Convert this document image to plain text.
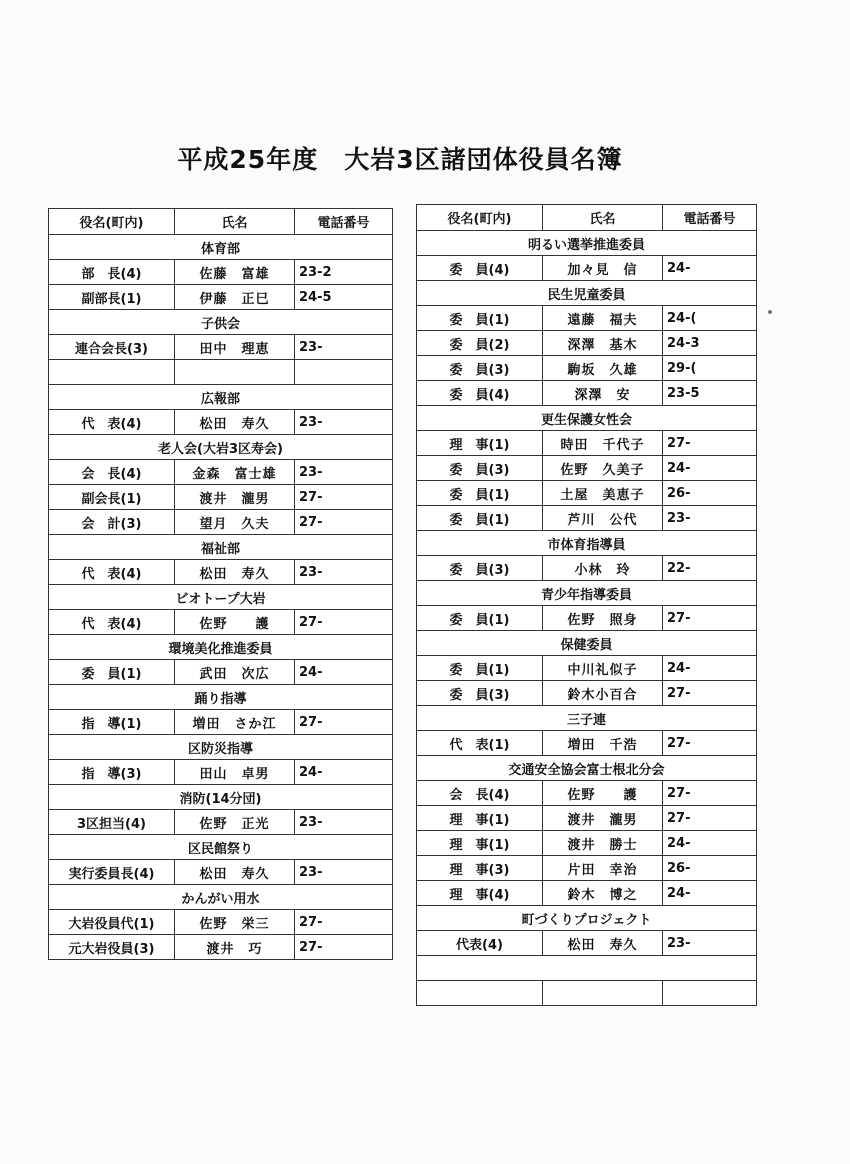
平成25年度　大岩3区諸団体役員名簿
役名(町内)	氏名	電話番号
体育部		
部　長(4)	佐藤　富雄	23-2
副部長(1)	伊藤　正巳	24-5
子供会		
連合会長(3)	田中　理恵	23-

広報部		
代　表(4)	松田　寿久	23-
老人会(大岩3区寿会)		
会　長(4)	金森　富士雄	23-
副会長(1)	渡井　瀧男	27-
会　計(3)	望月　久夫	27-
福祉部		
代　表(4)	松田　寿久	23-
ビオトープ大岩		
代　表(4)	佐野　　護	27-
環境美化推進委員		
委　員(1)	武田　次広	24-
踊り指導		
指　導(1)	増田　さか江	27-
区防災指導		
指　導(3)	田山　卓男	24-
消防(14分団)		
3区担当(4)	佐野　正光	23-
区民館祭り		
実行委員長(4)	松田　寿久	23-
かんがい用水		
大岩役員代(1)	佐野　栄三	27-
元大岩役員(3)	渡井　巧	27-
役名(町内)	氏名	電話番号
明るい選挙推進委員		
委　員(4)	加々見　信	24-
民生児童委員		
委　員(1)	遠藤　福夫	24-(
委　員(2)	深澤　基木	24-3
委　員(3)	駒坂　久雄	29-(
委　員(4)	深澤　安	23-5
更生保護女性会		
理　事(1)	時田　千代子	27-
委　員(3)	佐野　久美子	24-
委　員(1)	土屋　美恵子	26-
委　員(1)	芦川　公代	23-
市体育指導員		
委　員(3)	小林　玲	22-
青少年指導委員		
委　員(1)	佐野　照身	27-
保健委員		
委　員(1)	中川礼似子	24-
委　員(3)	鈴木小百合	27-
三子連		
代　表(1)	増田　千浩	27-
交通安全協会富士根北分会		
会　長(4)	佐野　　護	27-
理　事(1)	渡井　瀧男	27-
理　事(1)	渡井　勝士	24-
理　事(3)	片田　幸治	26-
理　事(4)	鈴木　博之	24-
町づくりプロジェクト		
代表(4)	松田　寿久	23-
